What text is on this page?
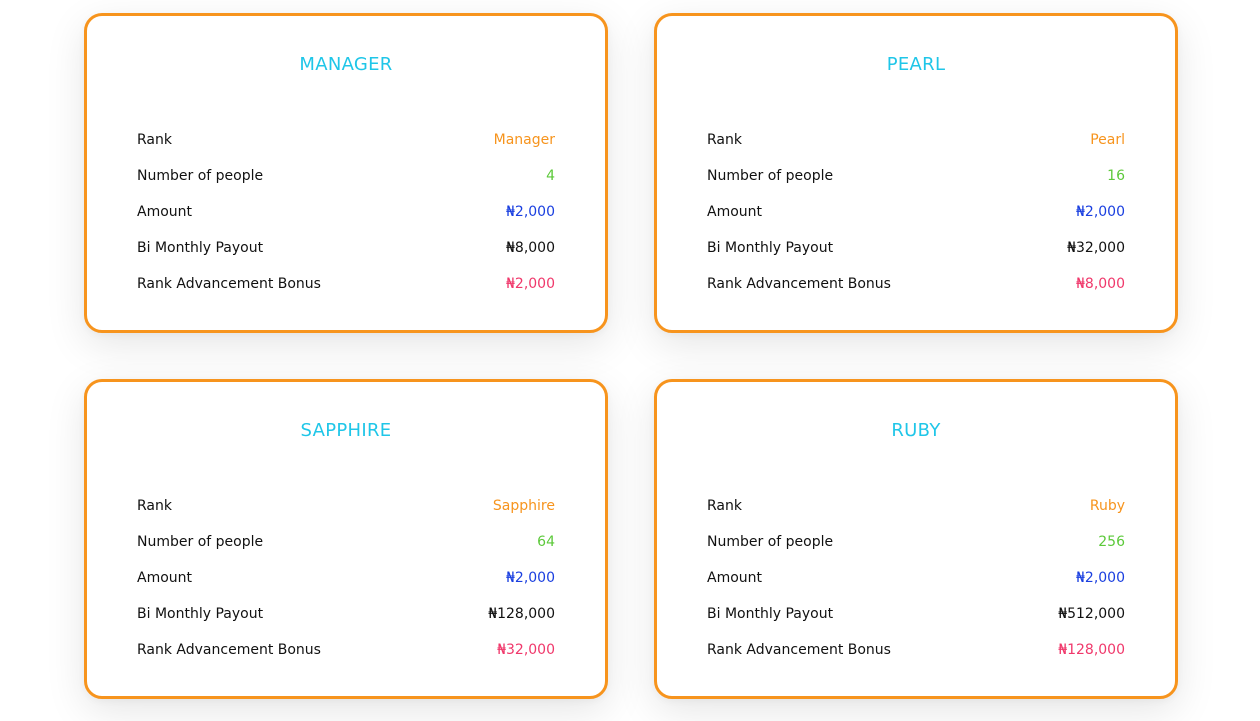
MANAGER
Rank	Manager
Number of people	4
Amount	₦2,000
Bi Monthly Payout	₦8,000
Rank Advancement Bonus	₦2,000
PEARL
Rank	Pearl
Number of people	16
Amount	₦2,000
Bi Monthly Payout	₦32,000
Rank Advancement Bonus	₦8,000
SAPPHIRE
Rank	Sapphire
Number of people	64
Amount	₦2,000
Bi Monthly Payout	₦128,000
Rank Advancement Bonus	₦32,000
RUBY
Rank	Ruby
Number of people	256
Amount	₦2,000
Bi Monthly Payout	₦512,000
Rank Advancement Bonus	₦128,000
